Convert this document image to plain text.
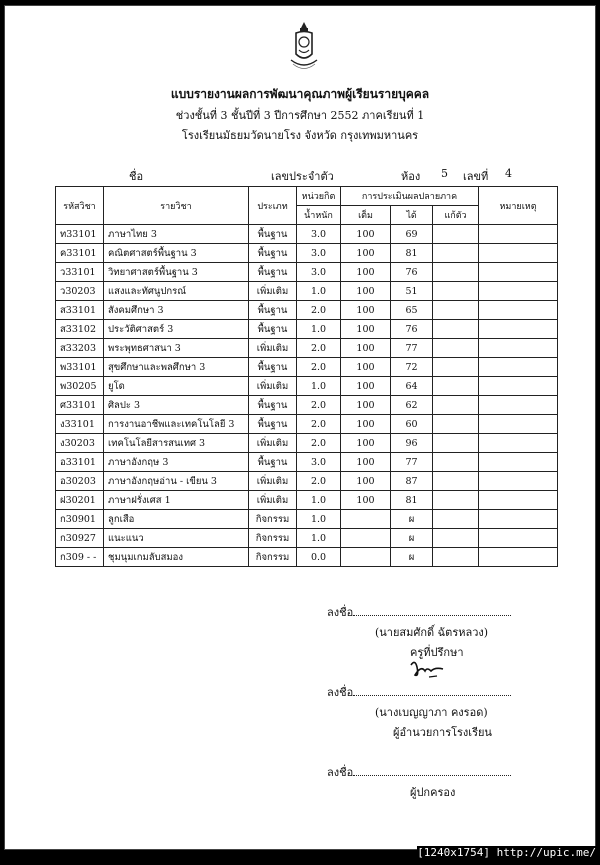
แบบรายงานผลการพัฒนาคุณภาพผู้เรียนรายบุคคล
ช่วงชั้นที่ 3 ชั้นปีที่ 3 ปีการศึกษา 2552 ภาคเรียนที่ 1
โรงเรียนมัธยมวัดนายโรง จังหวัด กรุงเทพมหานคร
ชื่อ	เลขประจำตัว	ห้อง 5 เลขที่ 4
รหัสวิชา	รายวิชา	ประเภท	หน่วยกิต	การประเมินผลปลายภาค			หมายเหตุ
			น้ำหนัก	เต็ม	ได้	แก้ตัว	
ท33101	ภาษาไทย 3	พื้นฐาน	3.0	100	69		
ค33101	คณิตศาสตร์พื้นฐาน 3	พื้นฐาน	3.0	100	81		
ว33101	วิทยาศาสตร์พื้นฐาน 3	พื้นฐาน	3.0	100	76		
ว30203	แสงและทัศนูปกรณ์	เพิ่มเติม	1.0	100	51		
ส33101	สังคมศึกษา 3	พื้นฐาน	2.0	100	65		
ส33102	ประวัติศาสตร์ 3	พื้นฐาน	1.0	100	76		
ส33203	พระพุทธศาสนา 3	เพิ่มเติม	2.0	100	77		
พ33101	สุขศึกษาและพลศึกษา 3	พื้นฐาน	2.0	100	72		
พ30205	ยูโด	เพิ่มเติม	1.0	100	64		
ศ33101	ศิลปะ 3	พื้นฐาน	2.0	100	62		
ง33101	การงานอาชีพและเทคโนโลยี 3	พื้นฐาน	2.0	100	60		
ง30203	เทคโนโลยีสารสนเทศ 3	เพิ่มเติม	2.0	100	96		
อ33101	ภาษาอังกฤษ 3	พื้นฐาน	3.0	100	77		
อ30203	ภาษาอังกฤษอ่าน - เขียน 3	เพิ่มเติม	2.0	100	87		
ฝ30201	ภาษาฝรั่งเศส 1	เพิ่มเติม	1.0	100	81		
ก30901	ลูกเสือ	กิจกรรม	1.0		ผ		
ก30927	แนะแนว	กิจกรรม	1.0		ผ		
ก309 - -	ชุมนุมเกมลับสมอง	กิจกรรม	0.0		ผ		
ลงชื่อ
(นายสมศักดิ์ ฉัตรหลวง)
ครูที่ปรึกษา
ลงชื่อ
(นางเบญญาภา คงรอด)
ผู้อำนวยการโรงเรียน
ลงชื่อ
ผู้ปกครอง
[1240x1754] http://upic.me/
